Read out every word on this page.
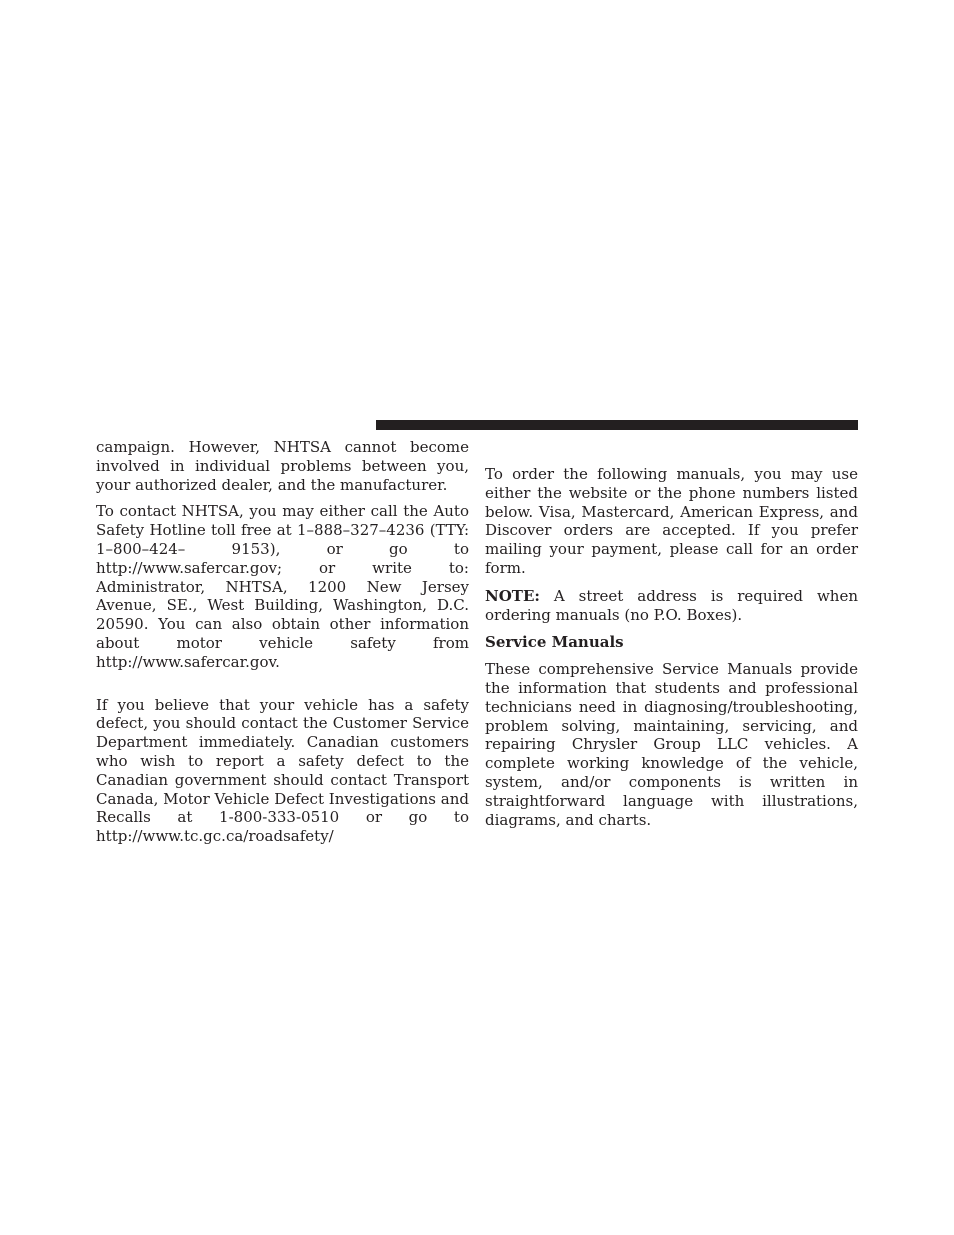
campaign. However, NHTSA cannot become involved in individual problems between you, your authorized dealer, and the manufacturer.

To contact NHTSA, you may either call the Auto Safety Hotline toll free at 1–888–327–4236 (TTY: 1–800–424– 9153), or go to http://www.safercar.gov; or write to: Administrator, NHTSA, 1200 New Jersey Avenue, SE., West Building, Washington, D.C. 20590. You can also obtain other information about motor vehicle safety from http://www.safercar.gov.

If you believe that your vehicle has a safety defect, you should contact the Customer Service Department immediately. Canadian customers who wish to report a safety defect to the Canadian government should contact Transport Canada, Motor Vehicle Defect Investigations and Recalls at 1-800-333-0510 or go to http://www.tc.gc.ca/roadsafety/

To order the following manuals, you may use either the website or the phone numbers listed below. Visa, Mastercard, American Express, and Discover orders are accepted. If you prefer mailing your payment, please call for an order form.

NOTE: A street address is required when ordering manuals (no P.O. Boxes).

Service Manuals

These comprehensive Service Manuals provide the information that students and professional technicians need in diagnosing/troubleshooting, problem solving, maintaining, servicing, and repairing Chrysler Group LLC vehicles. A complete working knowledge of the vehicle, system, and/or components is written in straightforward language with illustrations, diagrams, and charts.
